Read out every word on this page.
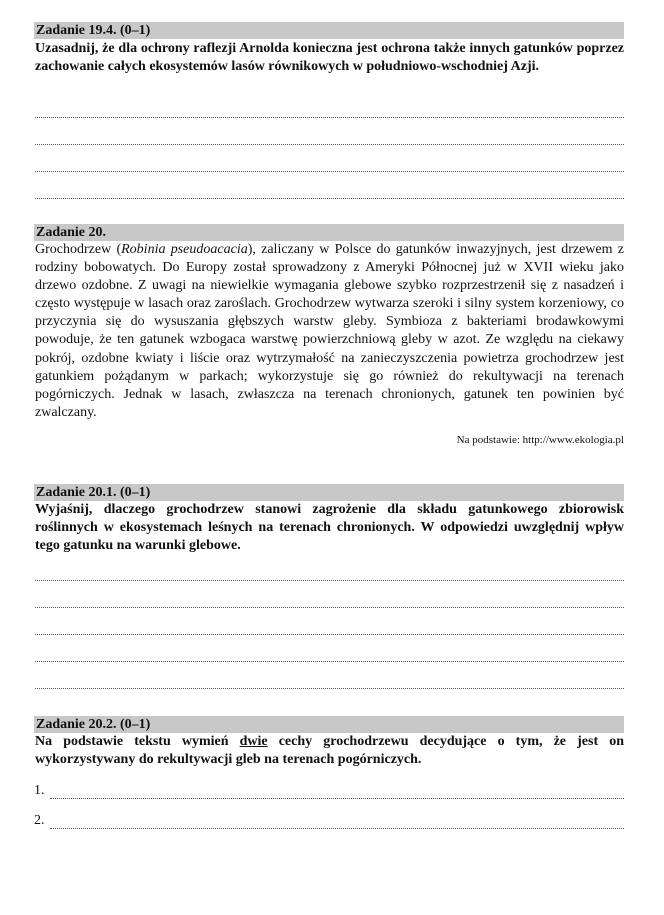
Zadanie 19.4. (0–1)

Uzasadnij, że dla ochrony raflezji Arnolda konieczna jest ochrona także innych gatunków poprzez zachowanie całych ekosystemów lasów równikowych w południowo-wschodniej Azji.

Zadanie 20.

Grochodrzew (Robinia pseudoacacia), zaliczany w Polsce do gatunków inwazyjnych, jest drzewem z rodziny bobowatych. Do Europy został sprowadzony z Ameryki Północnej już w XVII wieku jako drzewo ozdobne. Z uwagi na niewielkie wymagania glebowe szybko rozprzestrzenił się z nasadzeń i często występuje w lasach oraz zaroślach. Grochodrzew wytwarza szeroki i silny system korzeniowy, co przyczynia się do wysuszania głębszych warstw gleby. Symbioza z bakteriami brodawkowymi powoduje, że ten gatunek wzbogaca warstwę powierzchniową gleby w azot. Ze względu na ciekawy pokrój, ozdobne kwiaty i liście oraz wytrzymałość na zanieczyszczenia powietrza grochodrzew jest gatunkiem pożądanym w parkach; wykorzystuje się go również do rekultywacji na terenach pogórniczych. Jednak w lasach, zwłaszcza na terenach chronionych, gatunek ten powinien być zwalczany.

Na podstawie: http://www.ekologia.pl
Zadanie 20.1. (0–1)

Wyjaśnij, dlaczego grochodrzew stanowi zagrożenie dla składu gatunkowego zbiorowisk roślinnych w ekosystemach leśnych na terenach chronionych. W odpowiedzi uwzględnij wpływ tego gatunku na warunki glebowe.

Zadanie 20.2. (0–1)

Na podstawie tekstu wymień dwie cechy grochodrzewu decydujące o tym, że jest on wykorzystywany do rekultywacji gleb na terenach pogórniczych.

1.
2.
